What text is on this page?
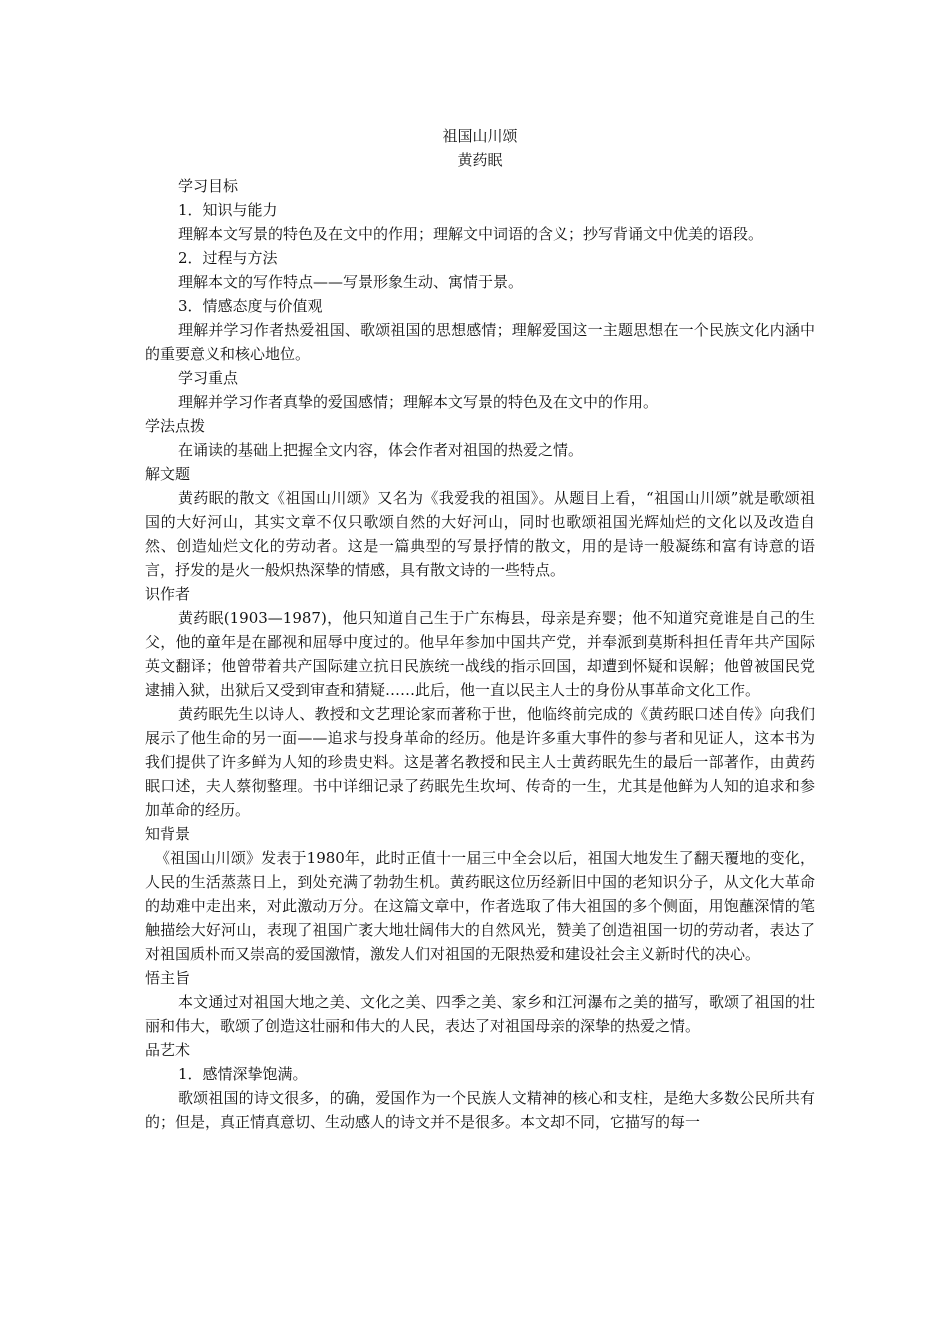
祖国山川颂

黄药眠

学习目标

1．知识与能力

理解本文写景的特色及在文中的作用；理解文中词语的含义；抄写背诵文中优美的语段。

2．过程与方法

理解本文的写作特点——写景形象生动、寓情于景。

3．情感态度与价值观

理解并学习作者热爱祖国、歌颂祖国的思想感情；理解爱国这一主题思想在一个民族文化内涵中的重要意义和核心地位。

学习重点

理解并学习作者真挚的爱国感情；理解本文写景的特色及在文中的作用。

学法点拨

在诵读的基础上把握全文内容，体会作者对祖国的热爱之情。

解文题

黄药眠的散文《祖国山川颂》又名为《我爱我的祖国》。从题目上看，“祖国山川颂”就是歌颂祖国的大好河山，其实文章不仅只歌颂自然的大好河山，同时也歌颂祖国光辉灿烂的文化以及改造自然、创造灿烂文化的劳动者。这是一篇典型的写景抒情的散文，用的是诗一般凝练和富有诗意的语言，抒发的是火一般炽热深挚的情感，具有散文诗的一些特点。

识作者

黄药眠(1903—1987)，他只知道自己生于广东梅县，母亲是弃婴；他不知道究竟谁是自己的生父，他的童年是在鄙视和屈辱中度过的。他早年参加中国共产党，并奉派到莫斯科担任青年共产国际英文翻译；他曾带着共产国际建立抗日民族统一战线的指示回国，却遭到怀疑和误解；他曾被国民党逮捕入狱，出狱后又受到审查和猜疑……此后，他一直以民主人士的身份从事革命文化工作。

黄药眠先生以诗人、教授和文艺理论家而著称于世，他临终前完成的《黄药眠口述自传》向我们展示了他生命的另一面——追求与投身革命的经历。他是许多重大事件的参与者和见证人，这本书为我们提供了许多鲜为人知的珍贵史料。这是著名教授和民主人士黄药眠先生的最后一部著作，由黄药眠口述，夫人蔡彻整理。书中详细记录了药眠先生坎坷、传奇的一生，尤其是他鲜为人知的追求和参加革命的经历。

知背景

《祖国山川颂》发表于1980年，此时正值十一届三中全会以后，祖国大地发生了翻天覆地的变化，人民的生活蒸蒸日上，到处充满了勃勃生机。黄药眠这位历经新旧中国的老知识分子，从文化大革命的劫难中走出来，对此激动万分。在这篇文章中，作者选取了伟大祖国的多个侧面，用饱蘸深情的笔触描绘大好河山，表现了祖国广袤大地壮阔伟大的自然风光，赞美了创造祖国一切的劳动者，表达了对祖国质朴而又崇高的爱国激情，激发人们对祖国的无限热爱和建设社会主义新时代的决心。

悟主旨

本文通过对祖国大地之美、文化之美、四季之美、家乡和江河瀑布之美的描写，歌颂了祖国的壮丽和伟大，歌颂了创造这壮丽和伟大的人民，表达了对祖国母亲的深挚的热爱之情。

品艺术

1．感情深挚饱满。

歌颂祖国的诗文很多，的确，爱国作为一个民族人文精神的核心和支柱，是绝大多数公民所共有的；但是，真正情真意切、生动感人的诗文并不是很多。本文却不同，它描写的每一
